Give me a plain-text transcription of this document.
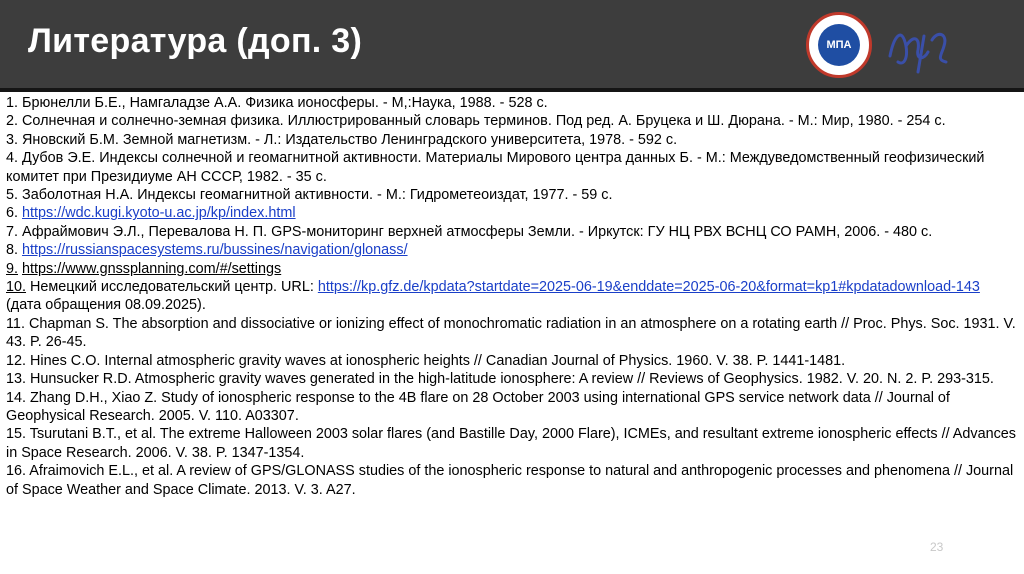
Литература (доп. 3)	МПА

1. Брюнелли Б.Е., Намгаладзе А.А. Физика ионосферы. - М,:Наука, 1988. - 528 с.

2. Солнечная и солнечно-земная физика. Иллюстрированный словарь терминов. Под ред. А. Бруцека и Ш. Дюрана. - М.: Мир, 1980. - 254 с.

3. Яновский Б.М. Земной магнетизм. - Л.: Издательство Ленинградского университета, 1978. - 592 с.

4. Дубов Э.Е. Индексы солнечной и геомагнитной активности. Материалы Мирового центра данных Б. - М.: Междуведомственный геофизический комитет при Президиуме АН СССР, 1982. - 35 с.

5. Заболотная Н.А. Индексы геомагнитной активности. - М.: Гидрометеоиздат, 1977. - 59 с.

6. https://wdc.kugi.kyoto-u.ac.jp/kp/index.html

7. Афраймович Э.Л., Перевалова Н. П. GPS-мониторинг верхней атмосферы Земли. - Иркутск: ГУ НЦ РВХ ВСНЦ СО РАМН, 2006. - 480 с.

8. https://russianspacesystems.ru/bussines/navigation/glonass/

9. https://www.gnssplanning.com/#/settings

10. Немецкий исследовательский центр. URL: https://kp.gfz.de/kpdata?startdate=2025-06-19&enddate=2025-06-20&format=kp1#kpdatadownload-143 (дата обращения 08.09.2025).

11. Chapman S. The absorption and dissociative or ionizing effect of monochromatic radiation in an atmosphere on a rotating earth // Proc. Phys. Soc. 1931. V. 43. P. 26-45.

12. Hines C.O. Internal atmospheric gravity waves at ionospheric heights // Canadian Journal of Physics. 1960. V. 38. P. 1441-1481.

13. Hunsucker R.D. Atmospheric gravity waves generated in the high-latitude ionosphere: A review // Reviews of Geophysics. 1982. V. 20. N. 2. P. 293-315.

14. Zhang D.H., Xiao Z. Study of ionospheric response to the 4B flare on 28 October 2003 using international GPS service network data // Journal of Geophysical Research. 2005. V. 110. A03307.

15. Tsurutani B.T., et al. The extreme Halloween 2003 solar flares (and Bastille Day, 2000 Flare), ICMEs, and resultant extreme ionospheric effects // Advances in Space Research. 2006. V. 38. P. 1347-1354.

16. Afraimovich E.L., et al. A review of GPS/GLONASS studies of the ionospheric response to natural and anthropogenic processes and phenomena // Journal of Space Weather and Space Climate. 2013. V. 3. A27.

23
